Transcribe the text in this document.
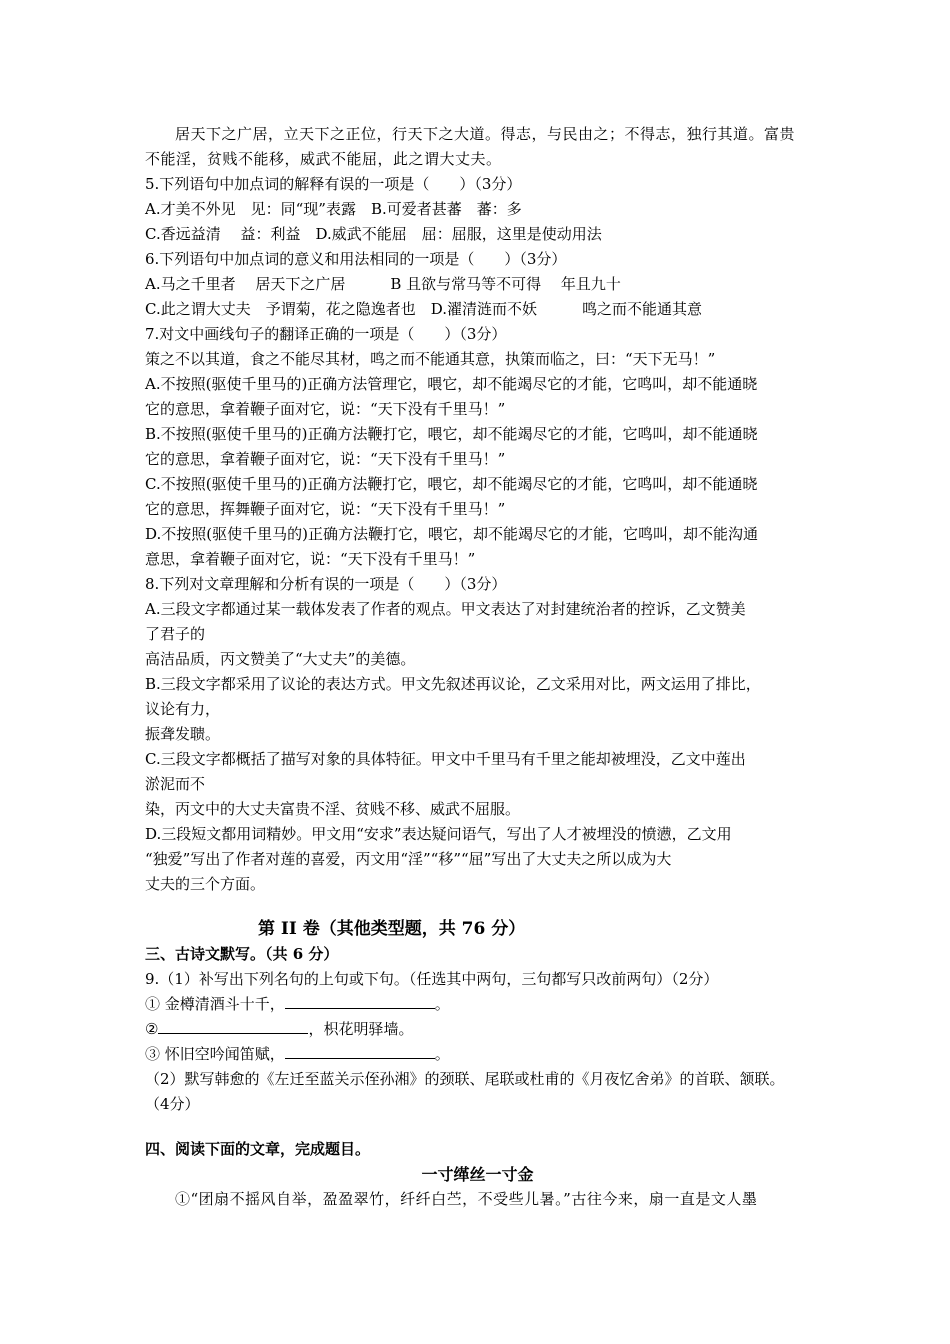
居天下之广居，立天下之正位，行天下之大道。得志，与民由之；不得志，独行其道。富贵
不能淫，贫贱不能移，威武不能屈，此之谓大丈夫。
5.下列语句中加点词的解释有误的一项是（　　）（3分）
A.才美不外见　见：同“现”表露　B.可爱者甚蕃　蕃：多
C.香远益清　 益：利益　D.威武不能屈　屈：屈服，这里是使动用法
6.下列语句中加点词的意义和用法相同的一项是（　　）（3分）
A.马之千里者　 居天下之广居　　　B 且欲与常马等不可得　 年且九十
C.此之谓大丈夫　予谓菊，花之隐逸者也　D.濯清涟而不妖　　　鸣之而不能通其意
7.对文中画线句子的翻译正确的一项是（　　）（3分）
策之不以其道，食之不能尽其材，鸣之而不能通其意，执策而临之，曰：“天下无马！”
A.不按照(驱使千里马的)正确方法管理它，喂它，却不能竭尽它的才能，它鸣叫，却不能通晓
它的意思，拿着鞭子面对它，说：“天下没有千里马！”
B.不按照(驱使千里马的)正确方法鞭打它，喂它，却不能竭尽它的才能，它鸣叫，却不能通晓
它的意思，拿着鞭子面对它，说：“天下没有千里马！”
C.不按照(驱使千里马的)正确方法鞭打它，喂它，却不能竭尽它的才能，它鸣叫，却不能通晓
它的意思，挥舞鞭子面对它，说：“天下没有千里马！”
D.不按照(驱使千里马的)正确方法鞭打它，喂它，却不能竭尽它的才能，它鸣叫，却不能沟通
意思，拿着鞭子面对它，说：“天下没有千里马！”
8.下列对文章理解和分析有误的一项是（　　）（3分）
A.三段文字都通过某一载体发表了作者的观点。甲文表达了对封建统治者的控诉，乙文赞美
了君子的
高洁品质，丙文赞美了“大丈夫”的美德。
B.三段文字都采用了议论的表达方式。甲文先叙述再议论，乙文采用对比，两文运用了排比，
议论有力，
振聋发聩。
C.三段文字都概括了描写对象的具体特征。甲文中千里马有千里之能却被埋没，乙文中莲出
淤泥而不
染，丙文中的大丈夫富贵不淫、贫贱不移、威武不屈服。
D.三段短文都用词精妙。甲文用“安求”表达疑问语气，写出了人才被埋没的愤懑，乙文用
“独爱”写出了作者对莲的喜爱，丙文用“淫”“移”“屈”写出了大丈夫之所以成为大
丈夫的三个方面。
第 II 卷（其他类型题，共 76 分）
三、古诗文默写。（共 6 分）
9.（1）补写出下列名句的上句或下句。（任选其中两句，三句都写只改前两句）（2分）
① 金樽清酒斗十千，	。
②	，枳花明驿墙。
③ 怀旧空吟闻笛赋，	。
（2）默写韩愈的《左迁至蓝关示侄孙湘》的颈联、尾联或杜甫的《月夜忆舍弟》的首联、颔联。
（4分）
四、阅读下面的文章，完成题目。
一寸缂丝一寸金
①“团扇不摇风自举，盈盈翠竹，纤纤白苎，不受些儿暑。”古往今来，扇一直是文人墨
